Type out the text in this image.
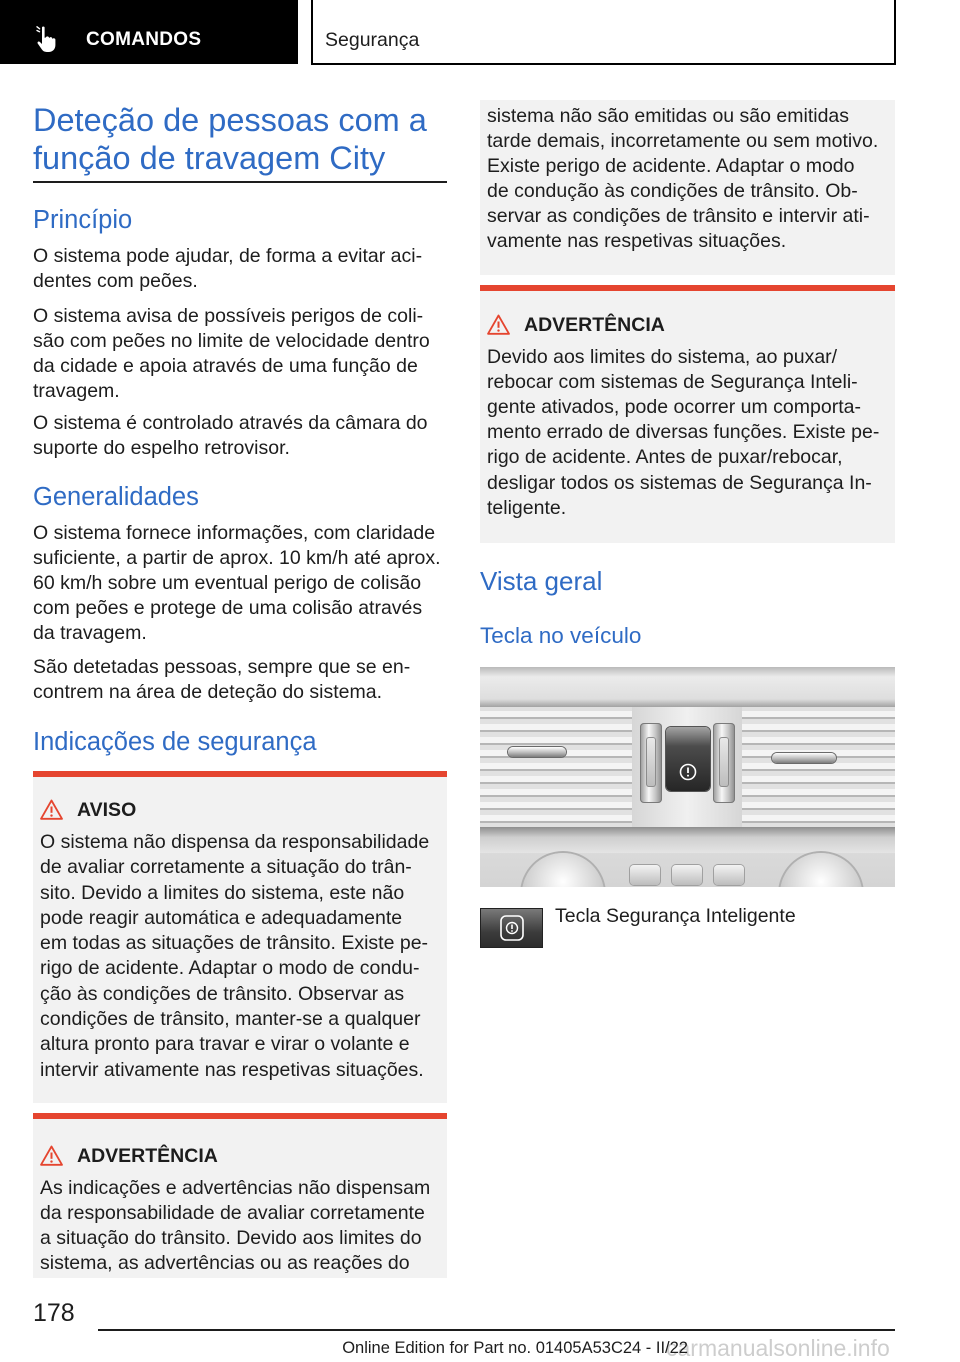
COMANDOS	Segurança
Deteção de pessoas com a
função de travagem City
Princípio
O sistema pode ajudar, de forma a evitar aci-
dentes com peões.
O sistema avisa de possíveis perigos de coli-
são com peões no limite de velocidade dentro
da cidade e apoia através de uma função de
travagem.
O sistema é controlado através da câmara do
suporte do espelho retrovisor.
Generalidades
O sistema fornece informações, com claridade
suficiente, a partir de aprox. 10 km/h até aprox.
60 km/h sobre um eventual perigo de colisão
com peões e protege de uma colisão através
da travagem.
São detetadas pessoas, sempre que se en-
contrem na área de deteção do sistema.
Indicações de segurança
AVISO
O sistema não dispensa da responsabilidade
de avaliar corretamente a situação do trân-
sito. Devido a limites do sistema, este não
pode reagir automática e adequadamente
em todas as situações de trânsito. Existe pe-
rigo de acidente. Adaptar o modo de condu-
ção às condições de trânsito. Observar as
condições de trânsito, manter-se a qualquer
altura pronto para travar e virar o volante e
intervir ativamente nas respetivas situações.
ADVERTÊNCIA
As indicações e advertências não dispensam
da responsabilidade de avaliar corretamente
a situação do trânsito. Devido aos limites do
sistema, as advertências ou as reações do
sistema não são emitidas ou são emitidas
tarde demais, incorretamente ou sem motivo.
Existe perigo de acidente. Adaptar o modo
de condução às condições de trânsito. Ob-
servar as condições de trânsito e intervir ati-
vamente nas respetivas situações.
ADVERTÊNCIA
Devido aos limites do sistema, ao puxar/
rebocar com sistemas de Segurança Inteli-
gente ativados, pode ocorrer um comporta-
mento errado de diversas funções. Existe pe-
rigo de acidente. Antes de puxar/rebocar,
desligar todos os sistemas de Segurança In-
teligente.
Vista geral
Tecla no veículo
Tecla Segurança Inteligente
178
carmanualsonline.info
Online Edition for Part no. 01405A53C24 - II/22
